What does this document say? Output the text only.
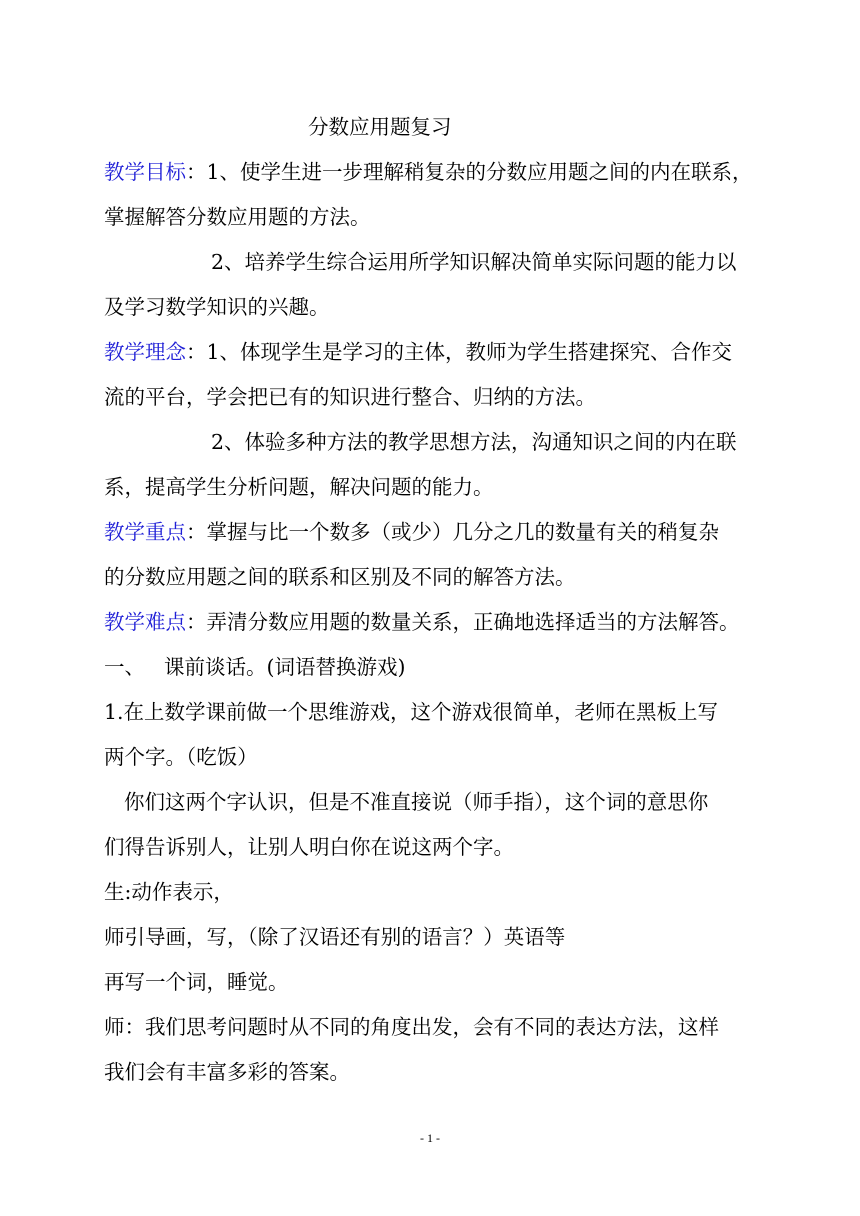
分数应用题复习
教学目标：1、使学生进一步理解稍复杂的分数应用题之间的内在联系，
掌握解答分数应用题的方法。
2、培养学生综合运用所学知识解决简单实际问题的能力以
及学习数学知识的兴趣。
教学理念：1、体现学生是学习的主体，教师为学生搭建探究、合作交
流的平台，学会把已有的知识进行整合、归纳的方法。
2、体验多种方法的教学思想方法，沟通知识之间的内在联
系，提高学生分析问题，解决问题的能力。
教学重点：掌握与比一个数多（或少）几分之几的数量有关的稍复杂
的分数应用题之间的联系和区别及不同的解答方法。
教学难点：弄清分数应用题的数量关系，正确地选择适当的方法解答。
一、 课前谈话。(词语替换游戏)
1.在上数学课前做一个思维游戏，这个游戏很简单，老师在黑板上写
两个字。（吃饭）
你们这两个字认识，但是不准直接说（师手指），这个词的意思你
们得告诉别人，让别人明白你在说这两个字。
生:动作表示，
师引导画，写，（除了汉语还有别的语言？）英语等
再写一个词，睡觉。
师：我们思考问题时从不同的角度出发，会有不同的表达方法，这样
我们会有丰富多彩的答案。
- 1 -
